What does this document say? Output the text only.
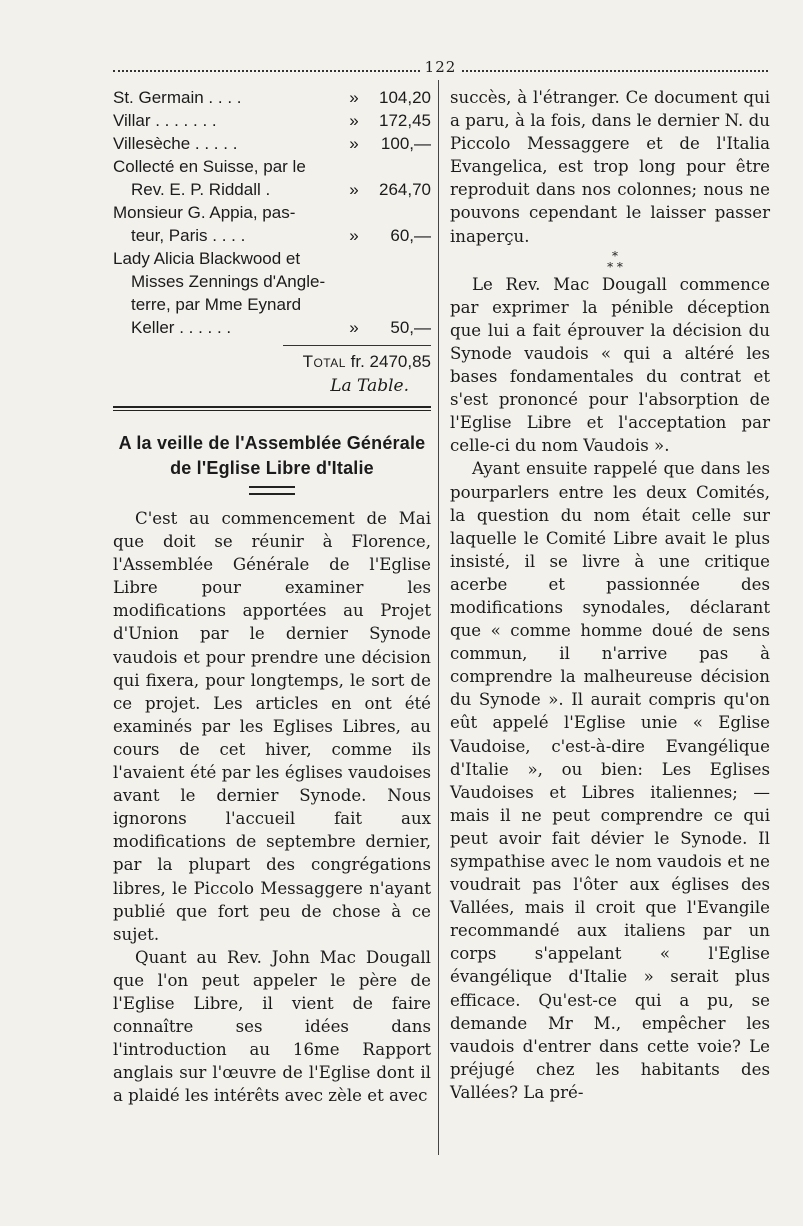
122
St. Germain . . . .	»	104,20
Villar . . . . . . .	»	172,45
Villesèche . . . . .	»	100,—
Collecté en Suisse, par le
Rev. E. P. Riddall .	»	264,70
Monsieur G. Appia, pas-
teur, Paris . . . .	»	60,—
Lady Alicia Blackwood et
Misses Zennings d'Angle-
terre, par Mme Eynard
Keller . . . . . .	»	50,—
Total fr. 2470,85
La Table.
A la veille de l'Assemblée Générale
de l'Eglise Libre d'Italie

C'est au commencement de Mai que doit se réunir à Florence, l'Assemblée Générale de l'Eglise Libre pour examiner les modifications apportées au Projet d'Union par le dernier Synode vaudois et pour prendre une décision qui fixera, pour longtemps, le sort de ce projet. Les articles en ont été examinés par les Eglises Libres, au cours de cet hiver, comme ils l'avaient été par les églises vaudoises avant le dernier Synode. Nous ignorons l'accueil fait aux modifications de septembre dernier, par la plupart des congrégations libres, le Piccolo Messaggere n'ayant publié que fort peu de chose à ce sujet.

Quant au Rev. John Mac Dougall que l'on peut appeler le père de l'Eglise Libre, il vient de faire connaître ses idées dans l'introduction au 16me Rapport anglais sur l'œuvre de l'Eglise dont il a plaidé les intérêts avec zèle et avec

succès, à l'étranger. Ce document qui a paru, à la fois, dans le dernier N. du Piccolo Messaggere et de l'Italia Evangelica, est trop long pour être reproduit dans nos colonnes; nous ne pouvons cependant le laisser passer inaperçu.

*
* *

Le Rev. Mac Dougall commence par exprimer la pénible déception que lui a fait éprouver la décision du Synode vaudois « qui a altéré les bases fondamentales du contrat et s'est prononcé pour l'absorption de l'Eglise Libre et l'acceptation par celle-ci du nom Vaudois ».

Ayant ensuite rappelé que dans les pourparlers entre les deux Comités, la question du nom était celle sur laquelle le Comité Libre avait le plus insisté, il se livre à une critique acerbe et passionnée des modifications synodales, déclarant que « comme homme doué de sens commun, il n'arrive pas à comprendre la malheureuse décision du Synode ». Il aurait compris qu'on eût appelé l'Eglise unie « Eglise Vaudoise, c'est-à-dire Evangélique d'Italie », ou bien: Les Eglises Vaudoises et Libres italiennes; — mais il ne peut comprendre ce qui peut avoir fait dévier le Synode. Il sympathise avec le nom vaudois et ne voudrait pas l'ôter aux églises des Vallées, mais il croit que l'Evangile recommandé aux italiens par un corps s'appelant « l'Eglise évangélique d'Italie » serait plus efficace. Qu'est-ce qui a pu, se demande Mr M., empêcher les vaudois d'entrer dans cette voie? Le préjugé chez les habitants des Vallées? La pré-
